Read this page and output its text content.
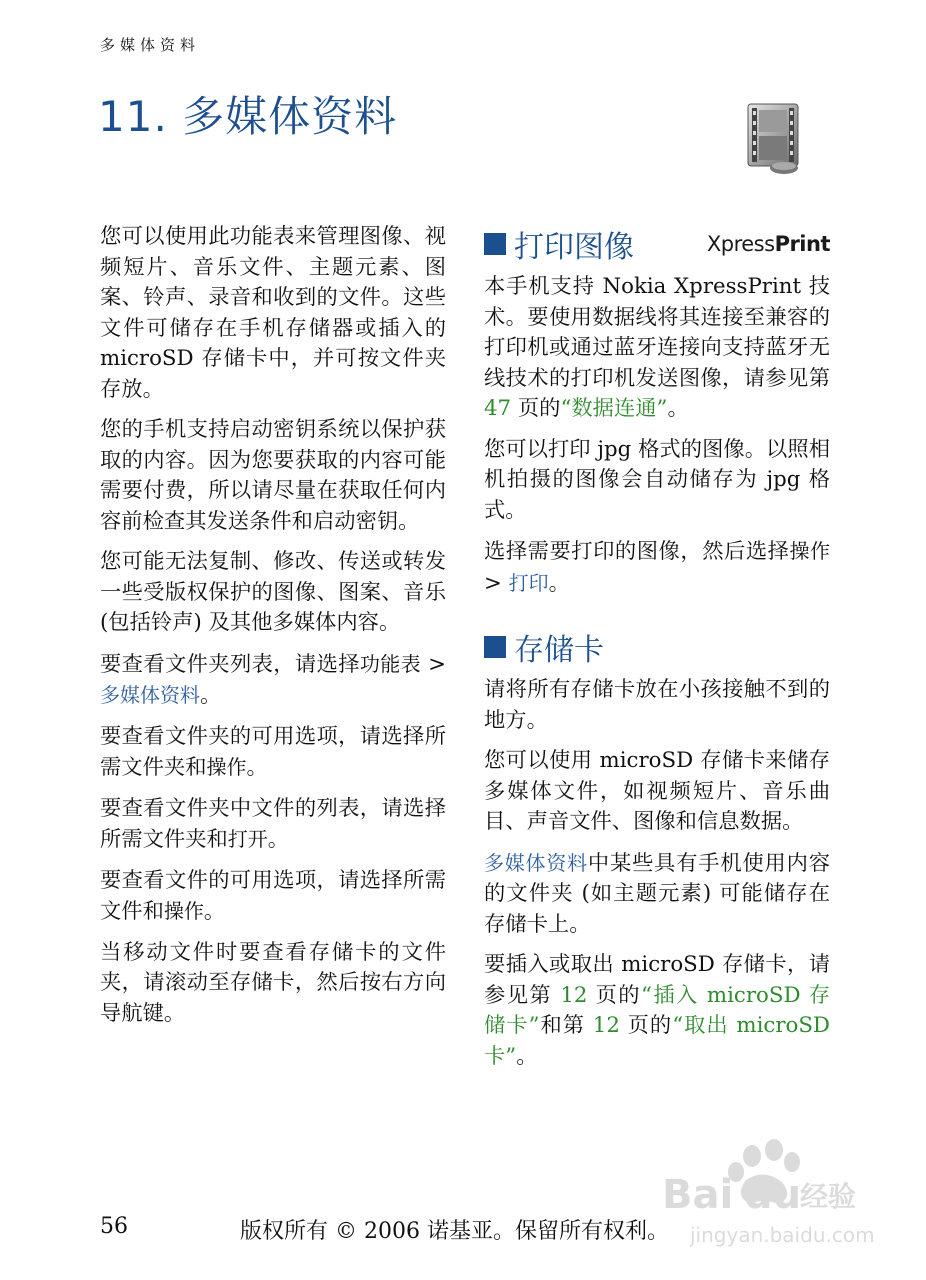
多媒体资料
11. 多媒体资料

您可以使用此功能表来管理图像、视频短片、音乐文件、主题元素、图案、铃声、录音和收到的文件。这些文件可储存在手机存储器或插入的 microSD 存储卡中，并可按文件夹存放。

您的手机支持启动密钥系统以保护获取的内容。因为您要获取的内容可能需要付费，所以请尽量在获取任何内容前检查其发送条件和启动密钥。

您可能无法复制、修改、传送或转发一些受版权保护的图像、图案、音乐 (包括铃声) 及其他多媒体内容。

要查看文件夹列表，请选择功能表 > 多媒体资料。

要查看文件夹的可用选项，请选择所需文件夹和操作。

要查看文件夹中文件的列表，请选择所需文件夹和打开。

要查看文件的可用选项，请选择所需文件和操作。

当移动文件时要查看存储卡的文件夹，请滚动至存储卡，然后按右方向导航键。

打印图像	XpressPrint

本手机支持 Nokia XpressPrint 技术。要使用数据线将其连接至兼容的打印机或通过蓝牙连接向支持蓝牙无线技术的打印机发送图像，请参见第 47 页的“数据连通”。

您可以打印 jpg 格式的图像。以照相机拍摄的图像会自动储存为 jpg 格式。

选择需要打印的图像，然后选择操作 > 打印。

存储卡

请将所有存储卡放在小孩接触不到的地方。

您可以使用 microSD 存储卡来储存多媒体文件，如视频短片、音乐曲目、声音文件、图像和信息数据。

多媒体资料中某些具有手机使用内容的文件夹 (如主题元素) 可能储存在存储卡上。

要插入或取出 microSD 存储卡，请参见第 12 页的“插入 microSD 存储卡”和第 12 页的“取出 microSD 卡”。

Bai du
经验
jingyan.baidu.com
56	版权所有 © 2006 诺基亚。保留所有权利。
